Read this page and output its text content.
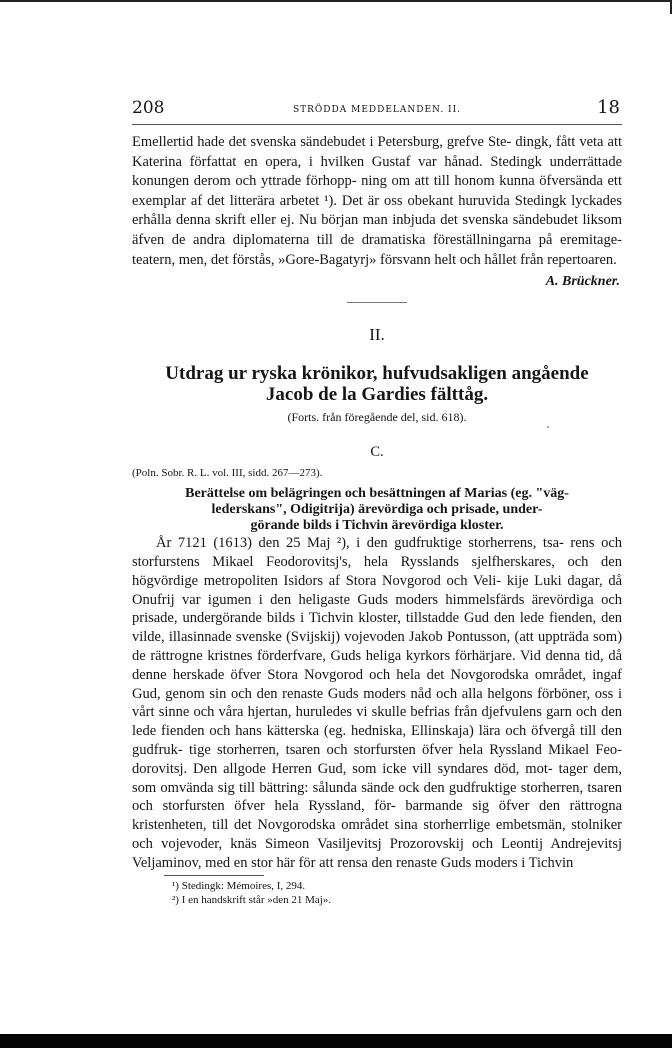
208	STRÖDDA MEDDELANDEN. II.	18

Emellertid hade det svenska sändebudet i Petersburg, grefve Ste- dingk, fått veta att Katerina författat en opera, i hvilken Gustaf var hånad. Stedingk underrättade konungen derom och yttrade förhopp- ning om att till honom kunna öfversända ett exemplar af det litterära arbetet ¹). Det är oss obekant huruvida Stedingk lyckades erhålla denna skrift eller ej. Nu början man inbjuda det svenska sändebudet liksom äfven de andra diplomaterna till de dramatiska föreställningarna på eremitage-teatern, men, det förstås, »Gore-Bagatyrj» försvann helt och hållet från repertoaren.

A. Brückner.
II.
Utdrag ur ryska krönikor, hufvudsakligen angående
Jacob de la Gardies fälttåg.
(Forts. från föregående del, sid. 618).
C.
(Poln. Sobr. R. L. vol. III, sidd. 267—273).
Berättelse om belägringen och besättningen af Marias (eg. "väg-
lederskans", Odigitrija) ärevördiga och prisade, under-
görande bilds i Tichvin ärevördiga kloster.

År 7121 (1613) den 25 Maj ²), i den gudfruktige storherrens, tsa- rens och storfurstens Mikael Feodorovitsj's, hela Rysslands sjelfherskares, och den högvördige metropoliten Isidors af Stora Novgorod och Veli- kije Luki dagar, då Onufrij var igumen i den heligaste Guds moders himmelsfärds ärevördiga och prisade, undergörande bilds i Tichvin kloster, tillstadde Gud den lede fienden, den vilde, illasinnade svenske (Svijskij) vojevoden Jakob Pontusson, (att uppträda som) de rättrogne kristnes förderfvare, Guds heliga kyrkors förhärjare. Vid denna tid, då denne herskade öfver Stora Novgorod och hela det Novgorodska området, ingaf Gud, genom sin och den renaste Guds moders nåd och alla helgons förböner, oss i vårt sinne och våra hjertan, huruledes vi skulle befrias från djefvulens garn och den lede fienden och hans kätterska (eg. hedniska, Ellinskaja) lära och öfvergå till den gudfruk- tige storherren, tsaren och storfursten öfver hela Ryssland Mikael Feo- dorovitsj. Den allgode Herren Gud, som icke vill syndares död, mot- tager dem, som omvända sig till bättring: sålunda sände ock den gudfruktige storherren, tsaren och storfursten öfver hela Ryssland, för- barmande sig öfver den rättrogna kristenheten, till det Novgorodska området sina storherrlige embetsmän, stolniker och vojevoder, knäs Simeon Vasiljevitsj Prozorovskij och Leontij Andrejevitsj Veljaminov, med en stor här för att rensa den renaste Guds moders i Tichvin

¹) Stedingk: Mémoires, I, 294.
²) I en handskrift står »den 21 Maj».
